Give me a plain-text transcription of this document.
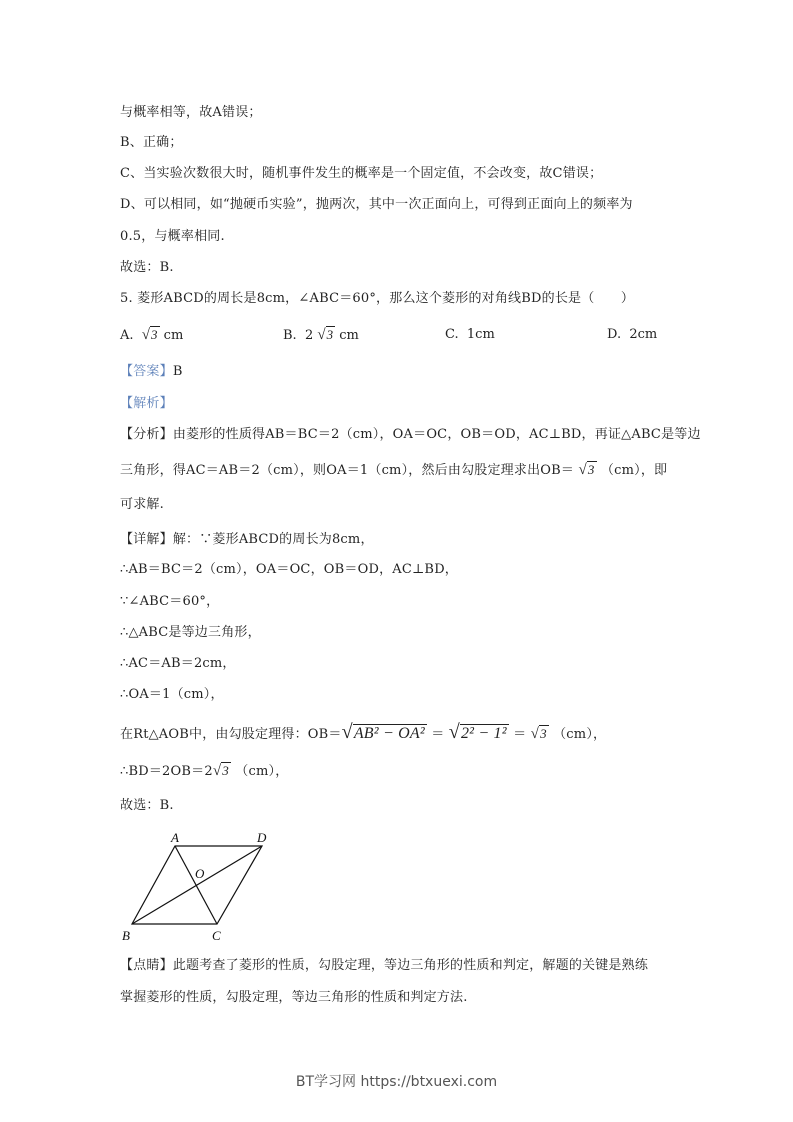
与概率相等，故A错误；
B、正确；
C、当实验次数很大时，随机事件发生的概率是一个固定值，不会改变，故C错误；
D、可以相同，如“抛硬币实验”，抛两次，其中一次正面向上，可得到正面向上的频率为
0.5，与概率相同.
故选：B.
5. 菱形ABCD的周长是8cm，∠ABC＝60°，那么这个菱形的对角线BD的长是（　　）
A. √3 cm	B. 2 √3 cm	C. 1cm	D. 2cm
【答案】B
【解析】
【分析】由菱形的性质得AB＝BC＝2（cm），OA＝OC，OB＝OD，AC⊥BD，再证△ABC是等边
三角形，得AC＝AB＝2（cm），则OA＝1（cm），然后由勾股定理求出OB＝ √3 （cm），即
可求解.
【详解】解：∵菱形ABCD的周长为8cm，
∴AB＝BC＝2（cm），OA＝OC，OB＝OD，AC⊥BD，
∵∠ABC＝60°，
∴△ABC是等边三角形，
∴AC＝AB＝2cm，
∴OA＝1（cm），
在Rt△AOB中，由勾股定理得：OB＝√AB² − OA² ＝ √2² − 1² ＝ √3 （cm），
∴BD＝2OB＝2√3 （cm），
故选：B.
A	D
O
B	C
【点睛】此题考查了菱形的性质，勾股定理，等边三角形的性质和判定，解题的关键是熟练
掌握菱形的性质，勾股定理，等边三角形的性质和判定方法.
BT学习网 https://btxuexi.com
